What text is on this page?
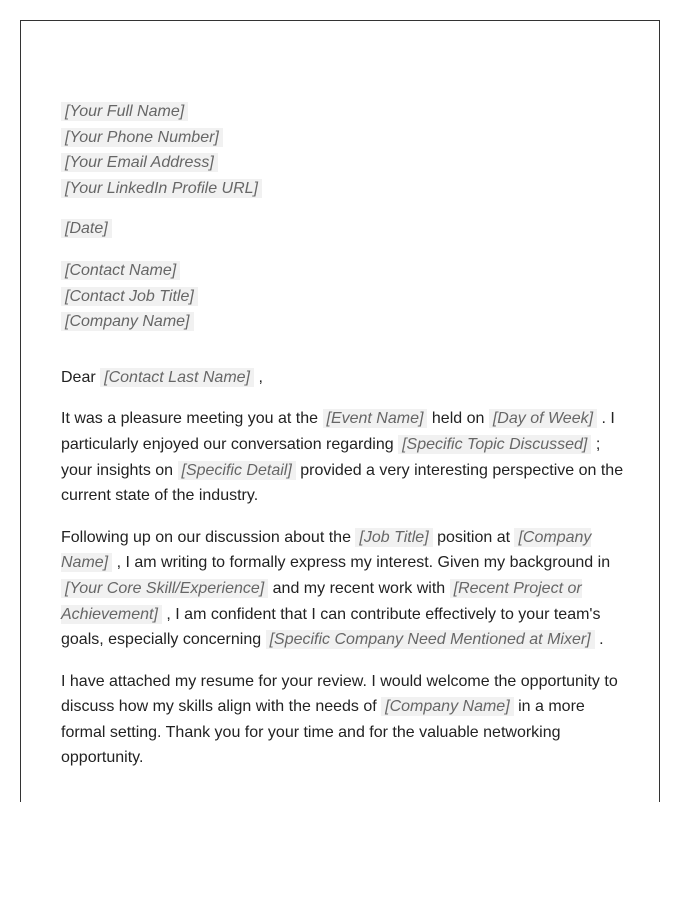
[Your Full Name]
[Your Phone Number]
[Your Email Address]
[Your LinkedIn Profile URL]
[Date]
[Contact Name]
[Contact Job Title]
[Company Name]

Dear [Contact Last Name] ,

It was a pleasure meeting you at the [Event Name] held on [Day of Week] . I particularly enjoyed our conversation regarding [Specific Topic Discussed] ; your insights on [Specific Detail] provided a very interesting perspective on the current state of the industry.

Following up on our discussion about the [Job Title] position at [Company Name] , I am writing to formally express my interest. Given my background in [Your Core Skill/Experience] and my recent work with [Recent Project or Achievement] , I am confident that I can contribute effectively to your team's goals, especially concerning [Specific Company Need Mentioned at Mixer] .

I have attached my resume for your review. I would welcome the opportunity to discuss how my skills align with the needs of [Company Name] in a more formal setting. Thank you for your time and for the valuable networking opportunity.
